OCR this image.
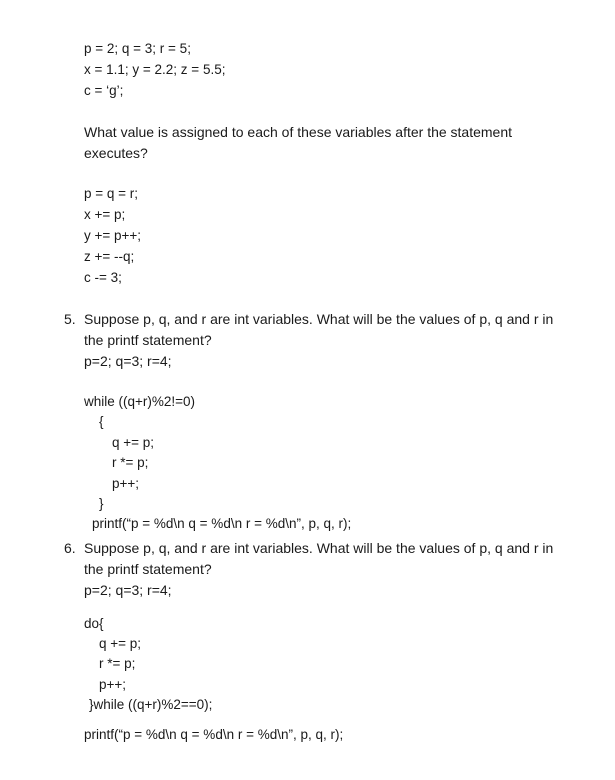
p = 2; q = 3; r = 5;
x = 1.1; y = 2.2; z = 5.5;
c = ‘g’;
What value is assigned to each of these variables after the statement
executes?
p = q = r;
x += p;
y += p++;
z += --q;
c -= 3;
5. Suppose p, q, and r are int variables. What will be the values of p, q and r in
the printf statement?
p=2; q=3; r=4;
while ((q+r)%2!=0)
{
q += p;
r *= p;
p++;
}
printf(“p = %d\n q = %d\n r = %d\n”, p, q, r);
6. Suppose p, q, and r are int variables. What will be the values of p, q and r in
the printf statement?
p=2; q=3; r=4;
do{
q += p;
r *= p;
p++;
}while ((q+r)%2==0);
printf(“p = %d\n q = %d\n r = %d\n”, p, q, r);
